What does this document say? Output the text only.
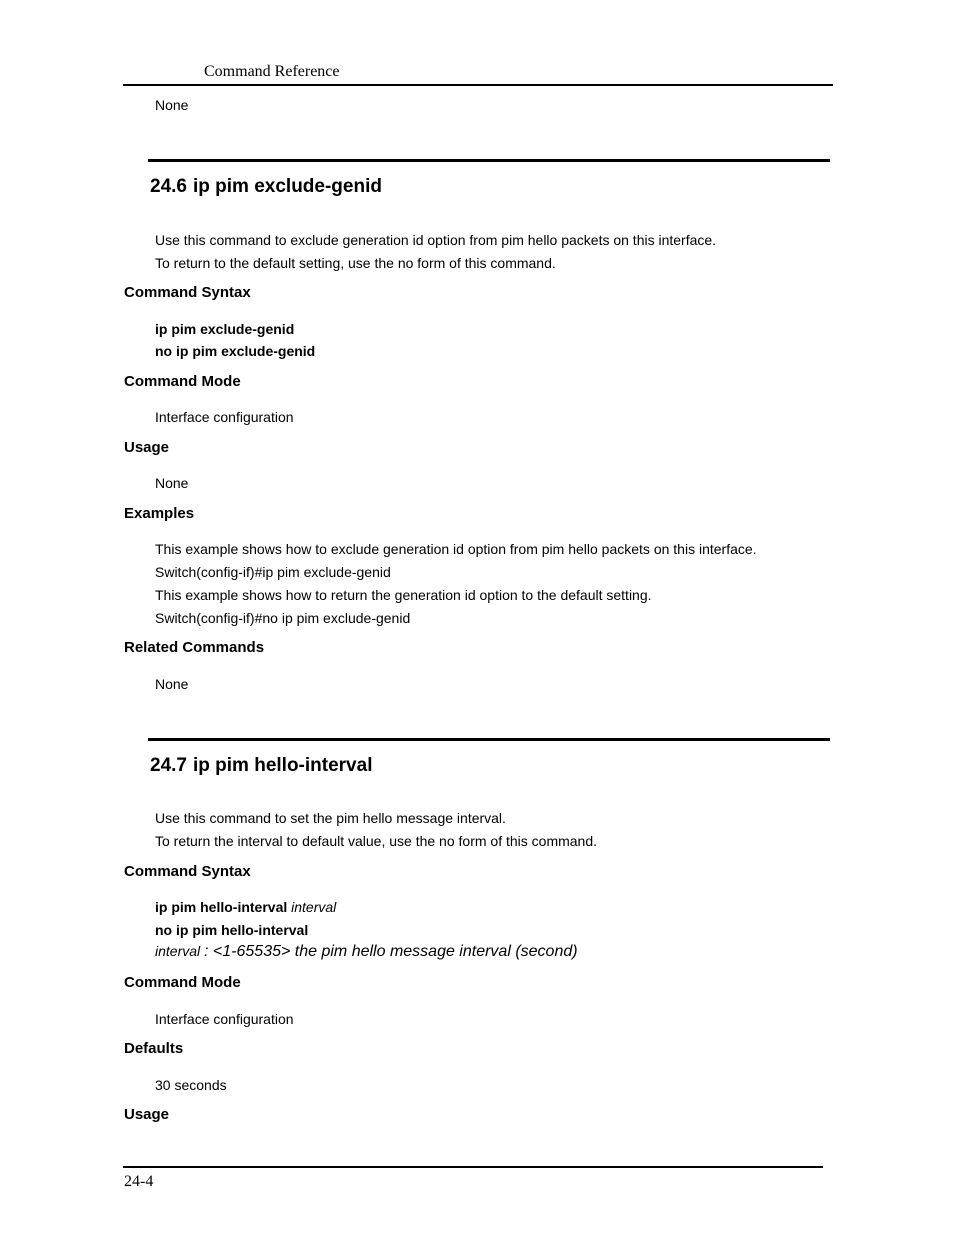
Command Reference
None
24.6 ip pim exclude-genid
Use this command to exclude generation id option from pim hello packets on this interface.
To return to the default setting, use the no form of this command.
Command Syntax
ip pim exclude-genid
no ip pim exclude-genid
Command Mode
Interface configuration
Usage
None
Examples
This example shows how to exclude generation id option from pim hello packets on this interface.
Switch(config-if)#ip pim exclude-genid
This example shows how to return the generation id option to the default setting.
Switch(config-if)#no ip pim exclude-genid
Related Commands
None
24.7 ip pim hello-interval
Use this command to set the pim hello message interval.
To return the interval to default value, use the no form of this command.
Command Syntax
ip pim hello-interval interval
no ip pim hello-interval
interval : <1-65535> the pim hello message interval (second)
Command Mode
Interface configuration
Defaults
30 seconds
Usage
24-4
